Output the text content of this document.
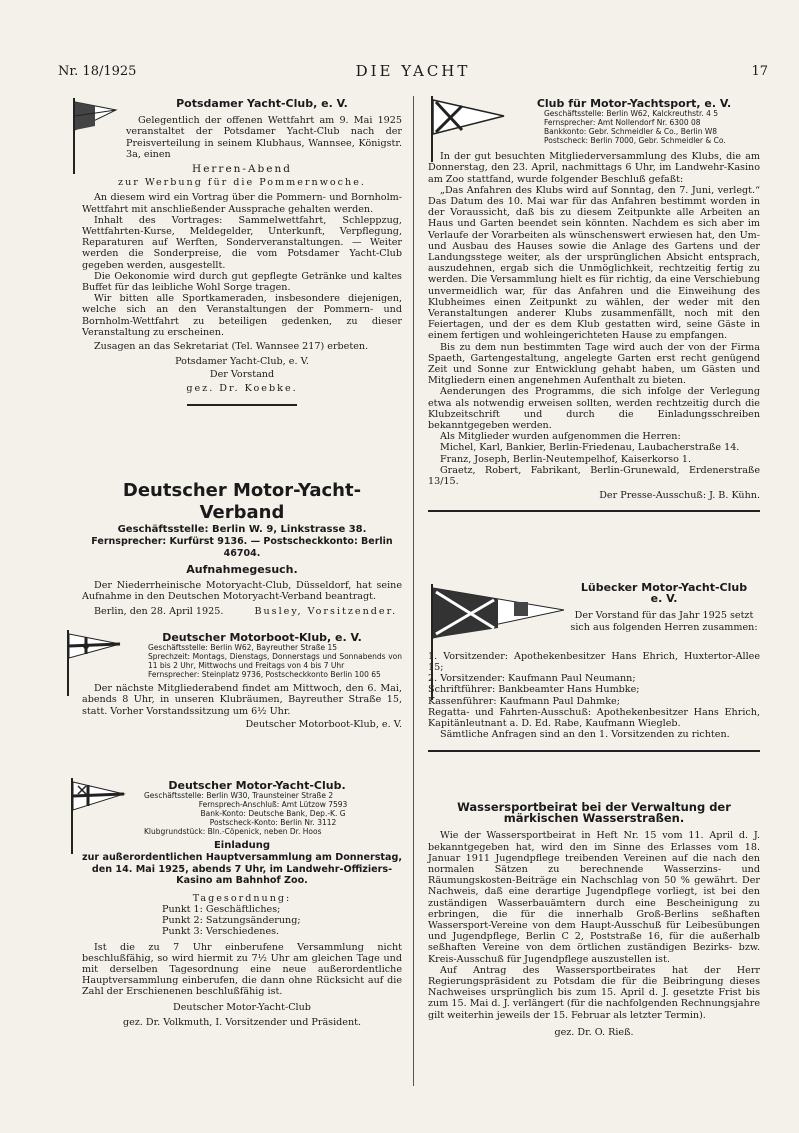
Nr. 18/1925	DIE YACHT	17
Potsdamer Yacht-Club, e. V.

Gelegentlich der offenen Wettfahrt am 9. Mai 1925 veranstaltet der Potsdamer Yacht-Club nach der Preisverteilung in seinem Klubhaus, Wannsee, Königstr. 3a, einen

Herren-Abend

zur Werbung für die Pommernwoche.

An diesem wird ein Vortrag über die Pommern- und Bornholm-Wettfahrt mit anschließender Aussprache gehalten werden.

Inhalt des Vortrages: Sammelwettfahrt, Schleppzug, Wettfahrten-Kurse, Meldegelder, Unterkunft, Verpflegung, Reparaturen auf Werften, Sonderveranstaltungen. — Weiter werden die Sonderpreise, die vom Potsdamer Yacht-Club gegeben werden, ausgestellt.

Die Oekonomie wird durch gut gepflegte Getränke und kaltes Buffet für das leibliche Wohl Sorge tragen.

Wir bitten alle Sportkameraden, insbesondere diejenigen, welche sich an den Veranstaltungen der Pommern- und Bornholm-Wettfahrt zu beteiligen gedenken, zu dieser Veranstaltung zu erscheinen.

Zusagen an das Sekretariat (Tel. Wannsee 217) erbeten.

Potsdamer Yacht-Club, e. V.

Der Vorstand

gez. Dr. Koebke.

Deutscher Motor-Yacht-Verband
Geschäftsstelle: Berlin W. 9, Linkstrasse 38.
Fernsprecher: Kurfürst 9136. — Postscheckkonto: Berlin 46704.
Aufnahmegesuch.

Der Niederrheinische Motoryacht-Club, Düsseldorf, hat seine Aufnahme in den Deutschen Motoryacht-Verband beantragt.

Berlin, den 28. April 1925.	Busley, Vorsitzender.

Deutscher Motorboot-Klub, e. V.
Geschäftsstelle: Berlin W62, Bayreuther Straße 15
Sprechzeit: Montags, Dienstags, Donnerstags und Sonnabends von 11 bis 2 Uhr, Mittwochs und Freitags von 4 bis 7 Uhr
Fernsprecher: Steinplatz 9736, Postscheckkonto Berlin 100 65

Der nächste Mitgliederabend findet am Mittwoch, den 6. Mai, abends 8 Uhr, in unseren Klubräumen, Bayreuther Straße 15, statt. Vorher Vorstandssitzung um 6½ Uhr.

Deutscher Motorboot-Klub, e. V.

Deutscher Motor-Yacht-Club.
Geschäftsstelle: Berlin W30, Traunsteiner Straße 2
Fernsprech-Anschluß: Amt Lützow 7593
Bank-Konto: Deutsche Bank, Dep.-K. G
Postscheck-Konto: Berlin Nr. 3112
Klubgrundstück: Bln.-Cöpenick, neben Dr. Hoos
Einladung
zur außerordentlichen Hauptversammlung am Donnerstag, den 14. Mai 1925, abends 7 Uhr, im Landwehr-Offiziers-Kasino am Bahnhof Zoo.

Tagesordnung:

Punkt 1: Geschäftliches;

Punkt 2: Satzungsänderung;

Punkt 3: Verschiedenes.

Ist die zu 7 Uhr einberufene Versammlung nicht beschlußfähig, so wird hiermit zu 7½ Uhr am gleichen Tage und mit derselben Tagesordnung eine neue außerordentliche Hauptversammlung einberufen, die dann ohne Rücksicht auf die Zahl der Erschienenen beschlußfähig ist.

Deutscher Motor-Yacht-Club

gez. Dr. Volkmuth, I. Vorsitzender und Präsident.

Club für Motor-Yachtsport, e. V.
Geschäftsstelle: Berlin W62, Kalckreuthstr. 4 5
Fernsprecher: Amt Nollendorf Nr. 6300 08
Bankkonto: Gebr. Schmeidler & Co., Berlin W8
Postscheck: Berlin 7000, Gebr. Schmeidler & Co.

In der gut besuchten Mitgliederversammlung des Klubs, die am Donnerstag, den 23. April, nachmittags 6 Uhr, im Landwehr-Kasino am Zoo stattfand, wurde folgender Beschluß gefaßt:

„Das Anfahren des Klubs wird auf Sonntag, den 7. Juni, verlegt.“ Das Datum des 10. Mai war für das Anfahren bestimmt worden in der Voraussicht, daß bis zu diesem Zeitpunkte alle Arbeiten an Haus und Garten beendet sein könnten. Nachdem es sich aber im Verlaufe der Vorarbeiten als wünschenswert erwiesen hat, den Um- und Ausbau des Hauses sowie die Anlage des Gartens und der Landungsstege weiter, als der ursprünglichen Absicht entsprach, auszudehnen, ergab sich die Unmöglichkeit, rechtzeitig fertig zu werden. Die Versammlung hielt es für richtig, da eine Verschiebung unvermeidlich war, für das Anfahren und die Einweihung des Klubheimes einen Zeitpunkt zu wählen, der weder mit den Veranstaltungen anderer Klubs zusammenfällt, noch mit den Feiertagen, und der es dem Klub gestatten wird, seine Gäste in einem fertigen und wohleingerichteten Hause zu empfangen.

Bis zu dem nun bestimmten Tage wird auch der von der Firma Spaeth, Gartengestaltung, angelegte Garten erst recht genügend Zeit und Sonne zur Entwicklung gehabt haben, um Gästen und Mitgliedern einen angenehmen Aufenthalt zu bieten.

Aenderungen des Programms, die sich infolge der Verlegung etwa als notwendig erweisen sollten, werden rechtzeitig durch die Klubzeitschrift und durch die Einladungsschreiben bekanntgegeben werden.

Als Mitglieder wurden aufgenommen die Herren:

Michel, Karl, Bankier, Berlin-Friedenau, Laubacherstraße 14.

Franz, Joseph, Berlin-Neutempelhof, Kaiserkorso 1.

Graetz, Robert, Fabrikant, Berlin-Grunewald, Erdenerstraße 13/15.

Der Presse-Ausschuß: J. B. Kühn.

Lübecker Motor-Yacht-Club
e. V.

Der Vorstand für das Jahr 1925 setzt sich aus folgenden Herren zusammen:

1. Vorsitzender: Apothekenbesitzer Hans Ehrich, Huxtertor-Allee 15;

2. Vorsitzender: Kaufmann Paul Neumann;

Schriftführer: Bankbeamter Hans Humbke;

Kassenführer: Kaufmann Paul Dahmke;

Regatta- und Fahrten-Ausschuß: Apothekenbesitzer Hans Ehrich, Kapitänleutnant a. D. Ed. Rabe, Kaufmann Wiegleb.

Sämtliche Anfragen sind an den 1. Vorsitzenden zu richten.

Wassersportbeirat bei der Verwaltung der
märkischen Wasserstraßen.

Wie der Wassersportbeirat in Heft Nr. 15 vom 11. April d. J. bekanntgegeben hat, wird den im Sinne des Erlasses vom 18. Januar 1911 Jugendpflege treibenden Vereinen auf die nach den normalen Sätzen zu berechnende Wasserzins- und Räumungskosten-Beiträge ein Nachschlag von 50 % gewährt. Der Nachweis, daß eine derartige Jugendpflege vorliegt, ist bei den zuständigen Wasserbauämtern durch eine Bescheinigung zu erbringen, die für die innerhalb Groß-Berlins seßhaften Wassersport-Vereine von dem Haupt-Ausschuß für Leibesübungen und Jugendpflege, Berlin C 2, Poststraße 16, für die außerhalb seßhaften Vereine von dem örtlichen zuständigen Bezirks- bzw. Kreis-Ausschuß für Jugendpflege auszustellen ist.

Auf Antrag des Wassersportbeirates hat der Herr Regierungspräsident zu Potsdam die für die Beibringung dieses Nachweises ursprünglich bis zum 15. April d. J. gesetzte Frist bis zum 15. Mai d. J. verlängert (für die nachfolgenden Rechnungsjahre gilt weiterhin jeweils der 15. Februar als letzter Termin).

gez. Dr. O. Rieß.
